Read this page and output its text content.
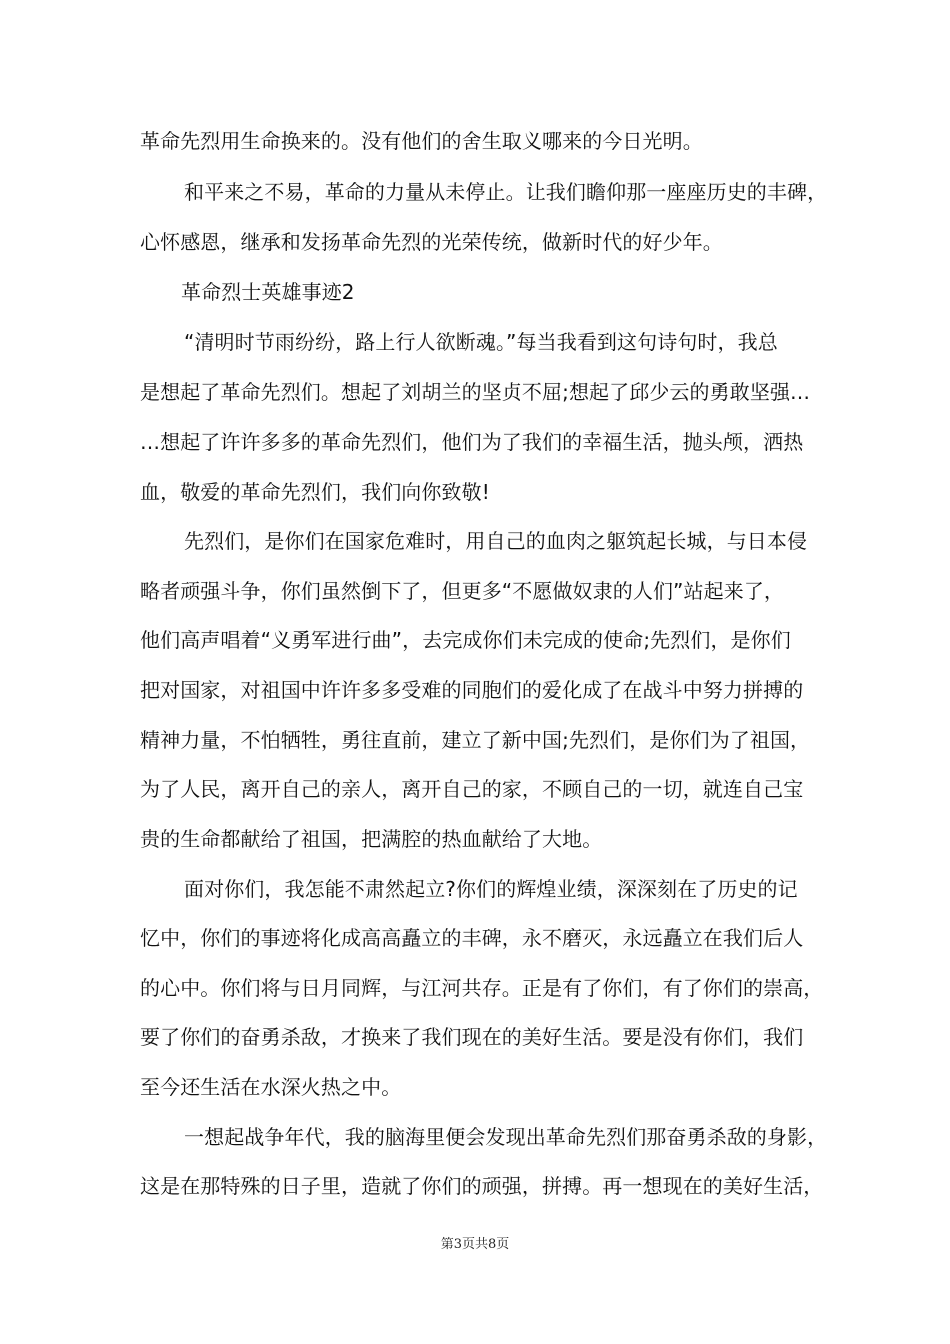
革命先烈用生命换来的。没有他们的舍生取义哪来的今日光明。
和平来之不易，革命的力量从未停止。让我们瞻仰那一座座历史的丰碑，
心怀感恩，继承和发扬革命先烈的光荣传统，做新时代的好少年。
革命烈士英雄事迹2
“清明时节雨纷纷，路上行人欲断魂。”每当我看到这句诗句时，我总
是想起了革命先烈们。想起了刘胡兰的坚贞不屈;想起了邱少云的勇敢坚强…
…想起了许许多多的革命先烈们，他们为了我们的幸福生活，抛头颅，洒热
血，敬爱的革命先烈们，我们向你致敬!
先烈们，是你们在国家危难时，用自己的血肉之躯筑起长城，与日本侵
略者顽强斗争，你们虽然倒下了，但更多“不愿做奴隶的人们”站起来了，
他们高声唱着“义勇军进行曲”，去完成你们未完成的使命;先烈们，是你们
把对国家，对祖国中许许多多受难的同胞们的爱化成了在战斗中努力拼搏的
精神力量，不怕牺牲，勇往直前，建立了新中国;先烈们，是你们为了祖国，
为了人民，离开自己的亲人，离开自己的家，不顾自己的一切，就连自己宝
贵的生命都献给了祖国，把满腔的热血献给了大地。
面对你们，我怎能不肃然起立?你们的辉煌业绩，深深刻在了历史的记
忆中，你们的事迹将化成高高矗立的丰碑，永不磨灭，永远矗立在我们后人
的心中。你们将与日月同辉，与江河共存。正是有了你们，有了你们的崇高，
要了你们的奋勇杀敌，才换来了我们现在的美好生活。要是没有你们，我们
至今还生活在水深火热之中。
一想起战争年代，我的脑海里便会发现出革命先烈们那奋勇杀敌的身影，
这是在那特殊的日子里，造就了你们的顽强，拼搏。再一想现在的美好生活，
第3页共8页
